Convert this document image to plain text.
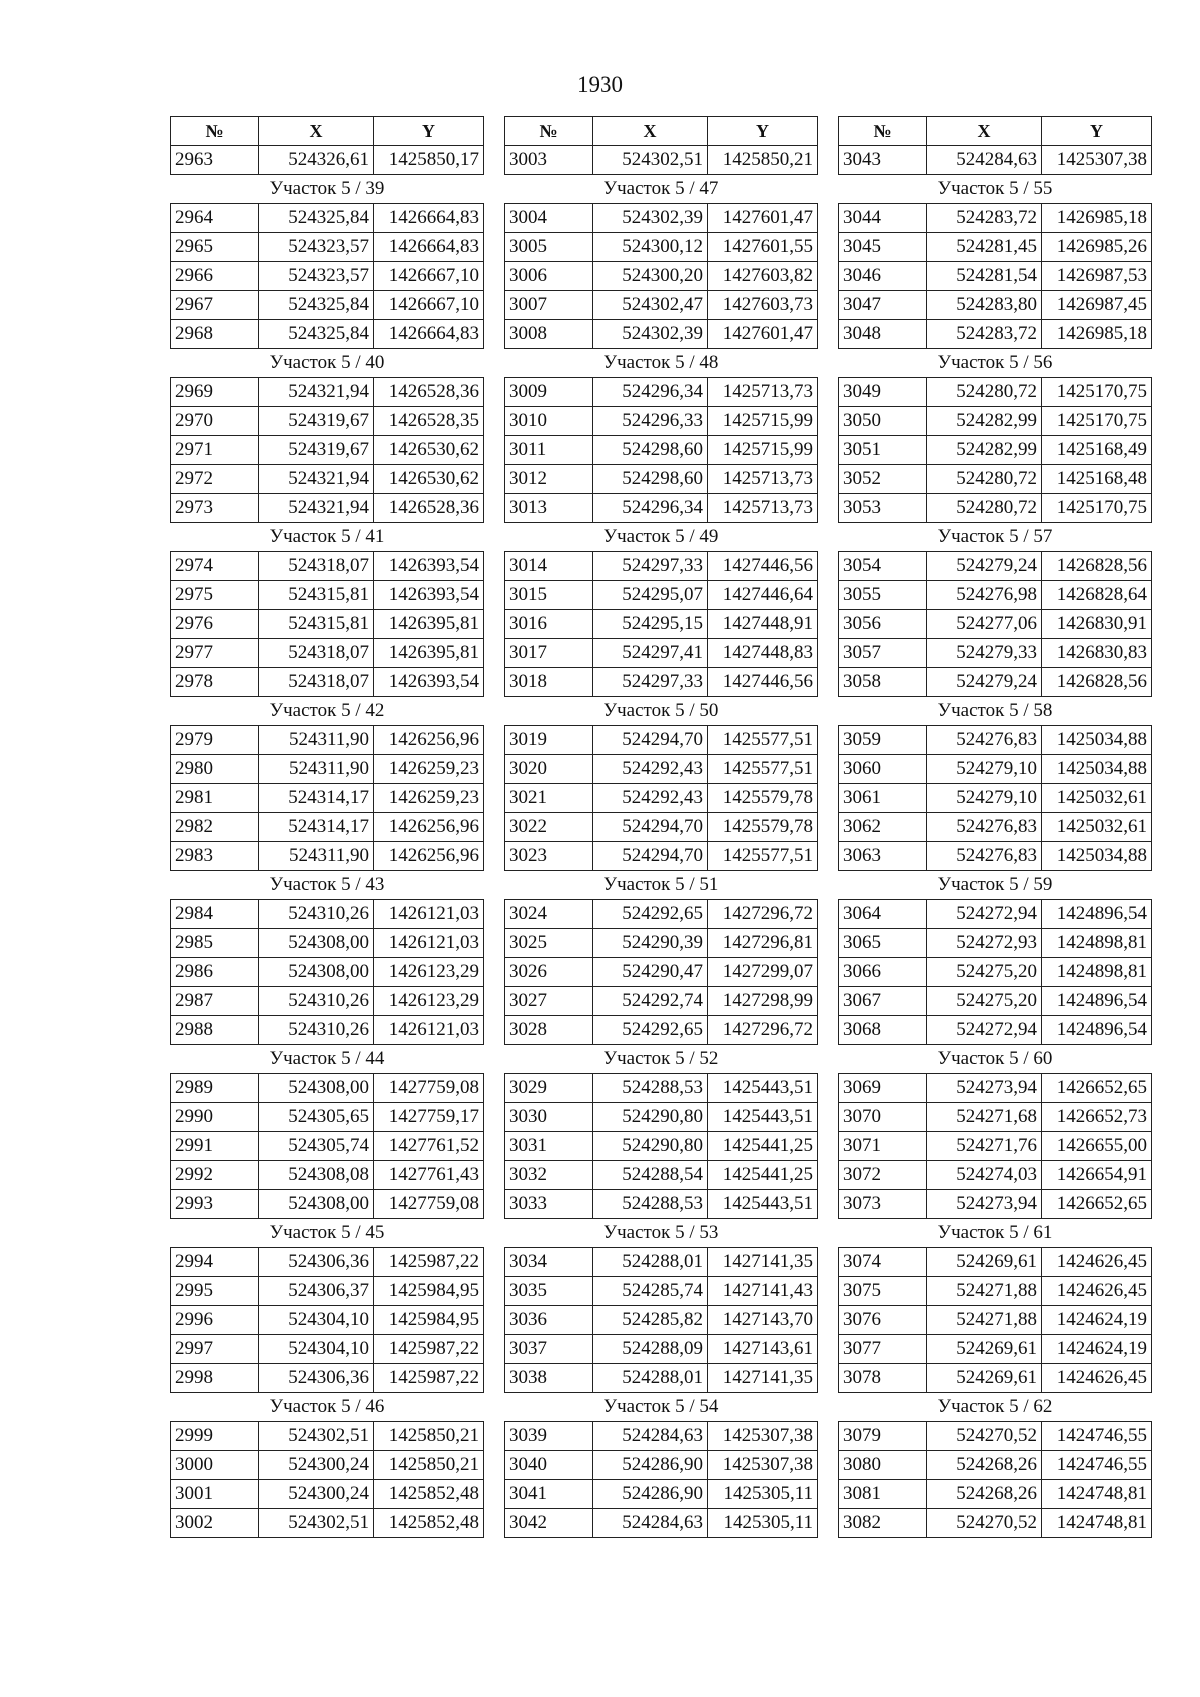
1930
№	X	Y
2963	524326,61	1425850,17
Участок 5 / 39		
2964	524325,84	1426664,83
2965	524323,57	1426664,83
2966	524323,57	1426667,10
2967	524325,84	1426667,10
2968	524325,84	1426664,83
Участок 5 / 40		
2969	524321,94	1426528,36
2970	524319,67	1426528,35
2971	524319,67	1426530,62
2972	524321,94	1426530,62
2973	524321,94	1426528,36
Участок 5 / 41		
2974	524318,07	1426393,54
2975	524315,81	1426393,54
2976	524315,81	1426395,81
2977	524318,07	1426395,81
2978	524318,07	1426393,54
Участок 5 / 42		
2979	524311,90	1426256,96
2980	524311,90	1426259,23
2981	524314,17	1426259,23
2982	524314,17	1426256,96
2983	524311,90	1426256,96
Участок 5 / 43		
2984	524310,26	1426121,03
2985	524308,00	1426121,03
2986	524308,00	1426123,29
2987	524310,26	1426123,29
2988	524310,26	1426121,03
Участок 5 / 44		
2989	524308,00	1427759,08
2990	524305,65	1427759,17
2991	524305,74	1427761,52
2992	524308,08	1427761,43
2993	524308,00	1427759,08
Участок 5 / 45		
2994	524306,36	1425987,22
2995	524306,37	1425984,95
2996	524304,10	1425984,95
2997	524304,10	1425987,22
2998	524306,36	1425987,22
Участок 5 / 46		
2999	524302,51	1425850,21
3000	524300,24	1425850,21
3001	524300,24	1425852,48
3002	524302,51	1425852,48
№	X	Y
3003	524302,51	1425850,21
Участок 5 / 47		
3004	524302,39	1427601,47
3005	524300,12	1427601,55
3006	524300,20	1427603,82
3007	524302,47	1427603,73
3008	524302,39	1427601,47
Участок 5 / 48		
3009	524296,34	1425713,73
3010	524296,33	1425715,99
3011	524298,60	1425715,99
3012	524298,60	1425713,73
3013	524296,34	1425713,73
Участок 5 / 49		
3014	524297,33	1427446,56
3015	524295,07	1427446,64
3016	524295,15	1427448,91
3017	524297,41	1427448,83
3018	524297,33	1427446,56
Участок 5 / 50		
3019	524294,70	1425577,51
3020	524292,43	1425577,51
3021	524292,43	1425579,78
3022	524294,70	1425579,78
3023	524294,70	1425577,51
Участок 5 / 51		
3024	524292,65	1427296,72
3025	524290,39	1427296,81
3026	524290,47	1427299,07
3027	524292,74	1427298,99
3028	524292,65	1427296,72
Участок 5 / 52		
3029	524288,53	1425443,51
3030	524290,80	1425443,51
3031	524290,80	1425441,25
3032	524288,54	1425441,25
3033	524288,53	1425443,51
Участок 5 / 53		
3034	524288,01	1427141,35
3035	524285,74	1427141,43
3036	524285,82	1427143,70
3037	524288,09	1427143,61
3038	524288,01	1427141,35
Участок 5 / 54		
3039	524284,63	1425307,38
3040	524286,90	1425307,38
3041	524286,90	1425305,11
3042	524284,63	1425305,11
№	X	Y
3043	524284,63	1425307,38
Участок 5 / 55		
3044	524283,72	1426985,18
3045	524281,45	1426985,26
3046	524281,54	1426987,53
3047	524283,80	1426987,45
3048	524283,72	1426985,18
Участок 5 / 56		
3049	524280,72	1425170,75
3050	524282,99	1425170,75
3051	524282,99	1425168,49
3052	524280,72	1425168,48
3053	524280,72	1425170,75
Участок 5 / 57		
3054	524279,24	1426828,56
3055	524276,98	1426828,64
3056	524277,06	1426830,91
3057	524279,33	1426830,83
3058	524279,24	1426828,56
Участок 5 / 58		
3059	524276,83	1425034,88
3060	524279,10	1425034,88
3061	524279,10	1425032,61
3062	524276,83	1425032,61
3063	524276,83	1425034,88
Участок 5 / 59		
3064	524272,94	1424896,54
3065	524272,93	1424898,81
3066	524275,20	1424898,81
3067	524275,20	1424896,54
3068	524272,94	1424896,54
Участок 5 / 60		
3069	524273,94	1426652,65
3070	524271,68	1426652,73
3071	524271,76	1426655,00
3072	524274,03	1426654,91
3073	524273,94	1426652,65
Участок 5 / 61		
3074	524269,61	1424626,45
3075	524271,88	1424626,45
3076	524271,88	1424624,19
3077	524269,61	1424624,19
3078	524269,61	1424626,45
Участок 5 / 62		
3079	524270,52	1424746,55
3080	524268,26	1424746,55
3081	524268,26	1424748,81
3082	524270,52	1424748,81
